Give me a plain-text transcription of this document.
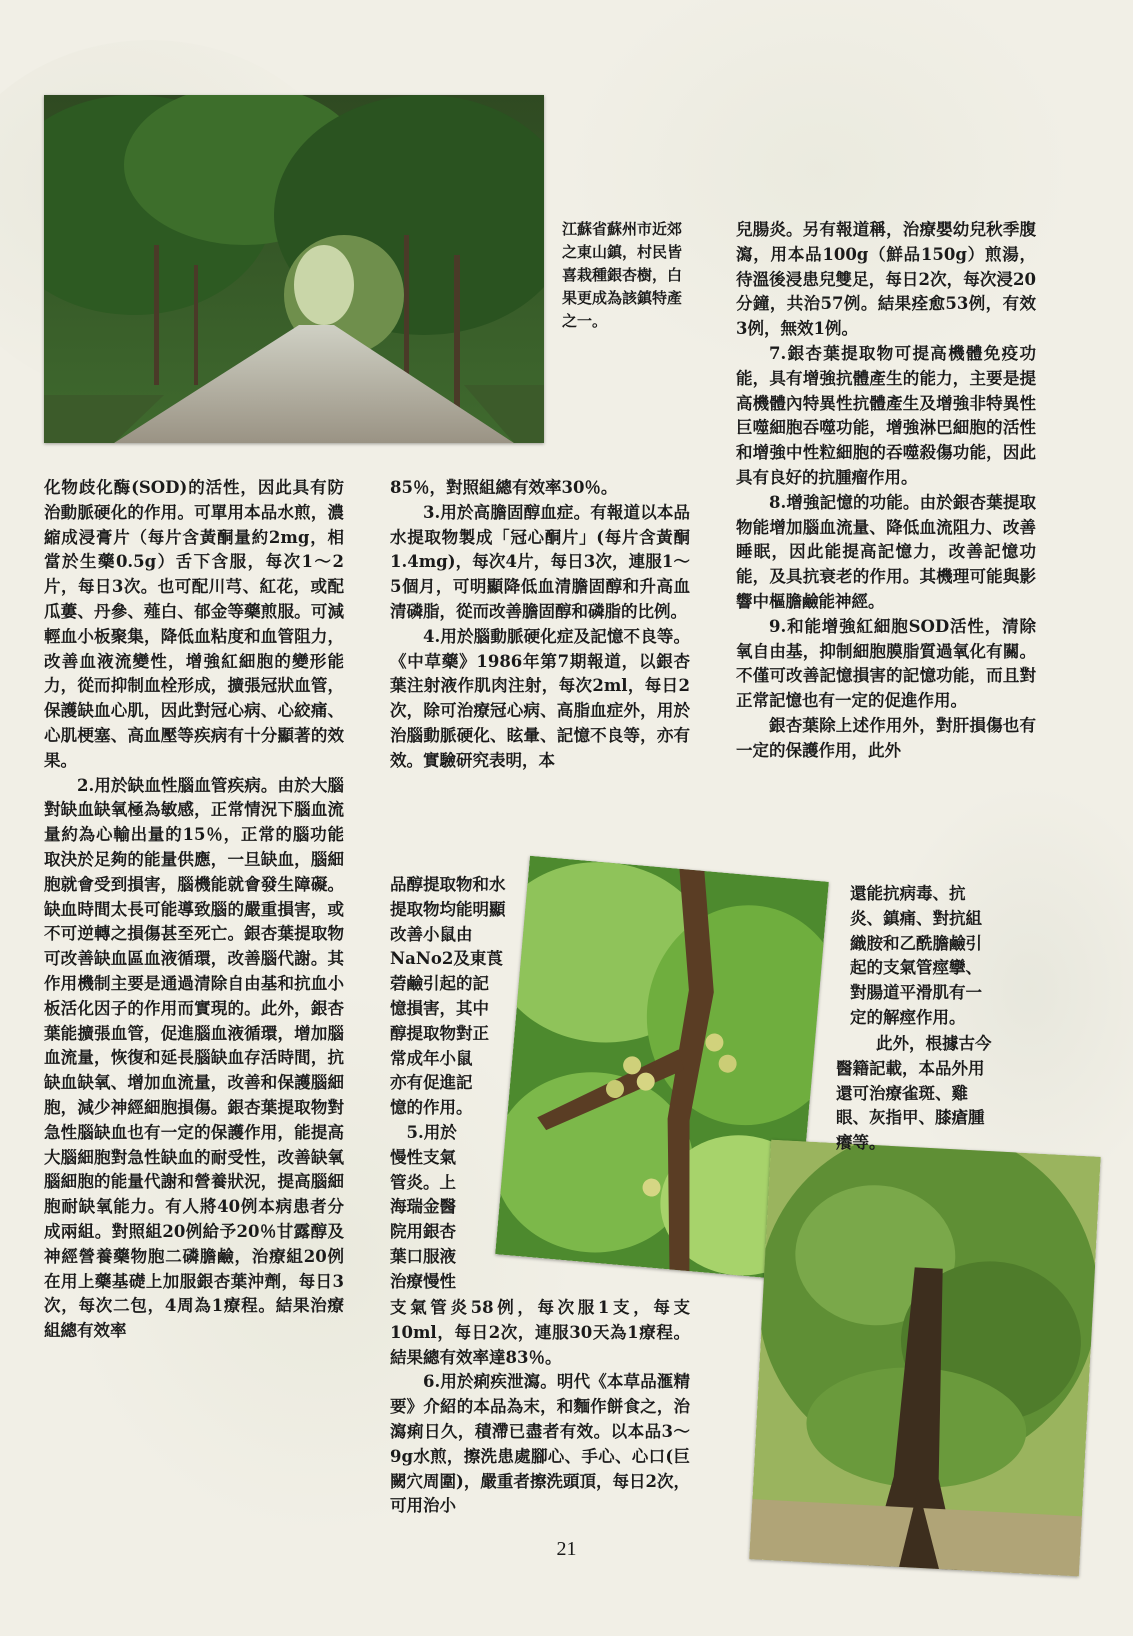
江蘇省蘇州市近郊之東山鎮，村民皆喜栽種銀杏樹，白果更成為該鎮特產之一。

化物歧化酶(SOD)的活性，因此具有防治動脈硬化的作用。可單用本品水煎，濃縮成浸膏片（每片含黃酮量約2mg，相當於生藥0.5g）舌下含服，每次1～2片，每日3次。也可配川芎、紅花，或配瓜蔞、丹參、薤白、郁金等藥煎服。可減輕血小板聚集，降低血粘度和血管阻力，改善血液流變性，增強紅細胞的變形能力，從而抑制血栓形成，擴張冠狀血管，保護缺血心肌，因此對冠心病、心絞痛、心肌梗塞、高血壓等疾病有十分顯著的效果。

2.用於缺血性腦血管疾病。由於大腦對缺血缺氧極為敏感，正常情況下腦血流量約為心輸出量的15％，正常的腦功能取決於足夠的能量供應，一旦缺血，腦細胞就會受到損害，腦機能就會發生障礙。缺血時間太長可能導致腦的嚴重損害，或不可逆轉之損傷甚至死亡。銀杏葉提取物可改善缺血區血液循環，改善腦代謝。其作用機制主要是通過清除自由基和抗血小板活化因子的作用而實現的。此外，銀杏葉能擴張血管，促進腦血液循環，增加腦血流量，恢復和延長腦缺血存活時間，抗缺血缺氧、增加血流量，改善和保護腦細胞，減少神經細胞損傷。銀杏葉提取物對急性腦缺血也有一定的保護作用，能提高大腦細胞對急性缺血的耐受性，改善缺氧腦細胞的能量代謝和營養狀況，提高腦細胞耐缺氧能力。有人將40例本病患者分成兩組。對照組20例給予20％甘露醇及神經營養藥物胞二磷膽鹼，治療組20例在用上藥基礎上加服銀杏葉沖劑，每日3次，每次二包，4周為1療程。結果治療組總有效率

85％，對照組總有效率30％。

3.用於高膽固醇血症。有報道以本品水提取物製成「冠心酮片」(每片含黃酮1.4mg)，每次4片，每日3次，連服1～5個月，可明顯降低血清膽固醇和升高血清磷脂，從而改善膽固醇和磷脂的比例。

4.用於腦動脈硬化症及記憶不良等。《中草藥》1986年第7期報道，以銀杏葉注射液作肌肉注射，每次2ml，每日2次，除可治療冠心病、高脂血症外，用於治腦動脈硬化、眩暈、記憶不良等，亦有效。實驗研究表明，本

品醇提取物和水
提取物均能明顯
改善小鼠由
NaNo2及東莨
菪鹼引起的記
憶損害，其中
醇提取物對正
常成年小鼠
亦有促進記
憶的作用。
　5.用於
慢性支氣
管炎。上
海瑞金醫
院用銀杏
葉口服液
治療慢性

支氣管炎58例，每次服1支，每支10ml，每日2次，連服30天為1療程。結果總有效率達83％。

6.用於痢疾泄瀉。明代《本草品滙精要》介紹的本品為末，和麵作餅食之，治瀉痢日久，積滯已盡者有效。以本品3～9g水煎，擦洗患處腳心、手心、心口(巨闕穴周圍)，嚴重者擦洗頭頂，每日2次，可用治小

兒腸炎。另有報道稱，治療嬰幼兒秋季腹瀉，用本品100g（鮮品150g）煎湯，待溫後浸患兒雙足，每日2次，每次浸20分鐘，共治57例。結果痊愈53例，有效3例，無效1例。

7.銀杏葉提取物可提高機體免疫功能，具有增強抗體產生的能力，主要是提高機體內特異性抗體產生及增強非特異性巨噬細胞吞噬功能，增強淋巴細胞的活性和增強中性粒細胞的吞噬殺傷功能，因此具有良好的抗腫瘤作用。

8.增強記憶的功能。由於銀杏葉提取物能增加腦血流量、降低血流阻力、改善睡眠，因此能提高記憶力，改善記憶功能，及具抗衰老的作用。其機理可能與影響中樞膽鹼能神經。

9.和能增強紅細胞SOD活性，清除氧自由基，抑制細胞膜脂質過氧化有關。不僅可改善記憶損害的記憶功能，而且對正常記憶也有一定的促進作用。

銀杏葉除上述作用外，對肝損傷也有一定的保護作用，此外

還能抗病毒、抗
炎、鎮痛、對抗組
織胺和乙酰膽鹼引
起的支氣管痙攣、
對腸道平滑肌有一
定的解痙作用。
此外，根據古今
醫籍記載，本品外用
還可治療雀斑、雞
眼、灰指甲、膝瘡腫
癢等。
21
